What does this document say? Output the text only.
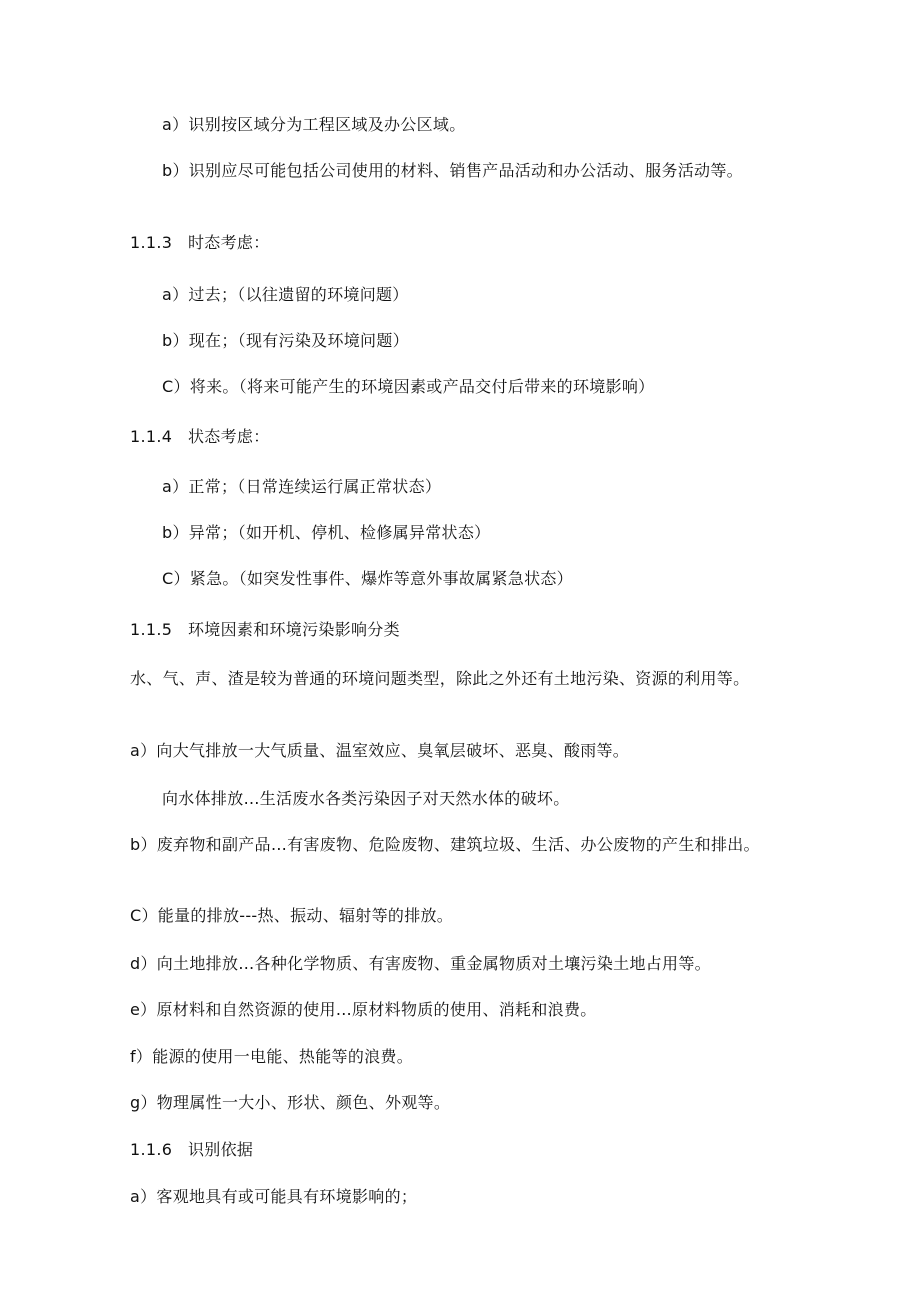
a）识别按区域分为工程区域及办公区域。

b）识别应尽可能包括公司使用的材料、销售产品活动和办公活动、服务活动等。

1.1.3 时态考虑：

a）过去；（以往遗留的环境问题）

b）现在；（现有污染及环境问题）

C）将来。（将来可能产生的环境因素或产品交付后带来的环境影响）

1.1.4 状态考虑：

a）正常；（日常连续运行属正常状态）

b）异常；（如开机、停机、检修属异常状态）

C）紧急。（如突发性事件、爆炸等意外事故属紧急状态）

1.1.5 环境因素和环境污染影响分类

水、气、声、渣是较为普通的环境问题类型，除此之外还有土地污染、资源的利用等。

a）向大气排放一大气质量、温室效应、臭氧层破坏、恶臭、酸雨等。

向水体排放…生活废水各类污染因子对天然水体的破坏。

b）废弃物和副产品…有害废物、危险废物、建筑垃圾、生活、办公废物的产生和排出。

C）能量的排放---热、振动、辐射等的排放。

d）向土地排放…各种化学物质、有害废物、重金属物质对土壤污染土地占用等。

e）原材料和自然资源的使用…原材料物质的使用、消耗和浪费。

f）能源的使用一电能、热能等的浪费。

g）物理属性一大小、形状、颜色、外观等。

1.1.6 识别依据

a）客观地具有或可能具有环境影响的；
